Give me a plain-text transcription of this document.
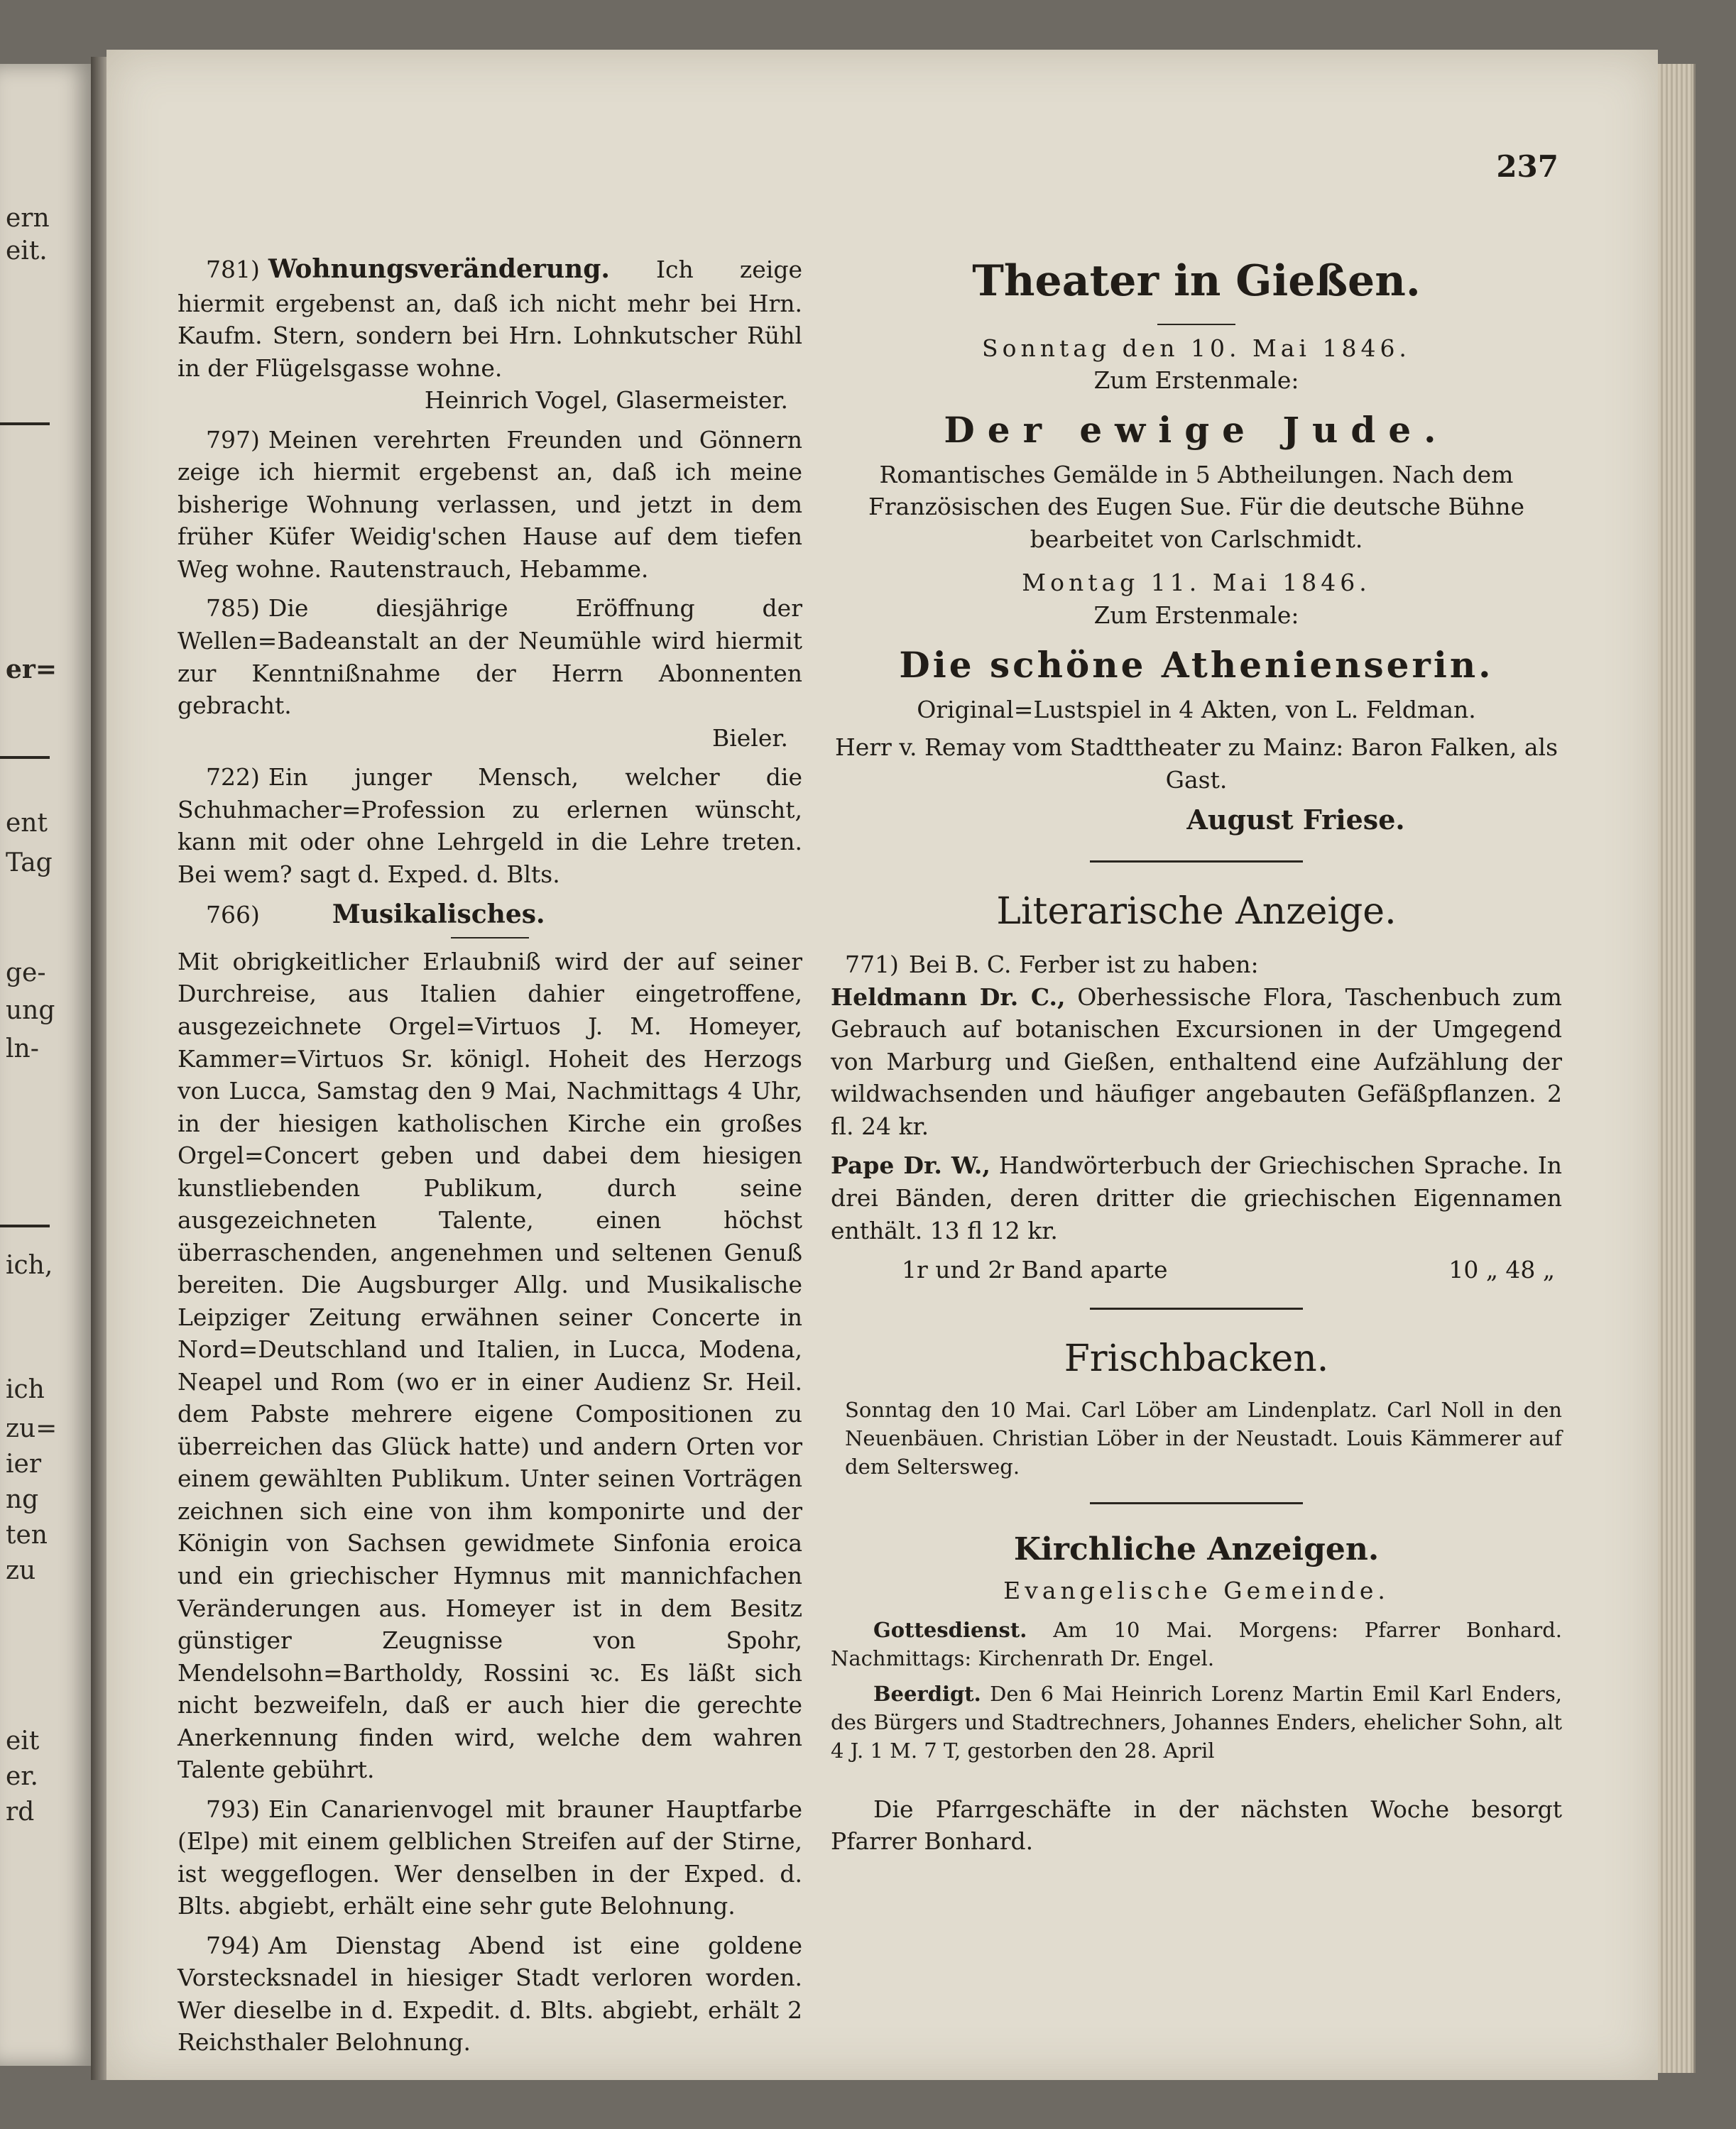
ern
eit.
er=
ent
Tag
ge-
ung
ln-
ich,
ich
zu=
ier
ng
ten
zu
eit
er.
rd
237
781) Wohnungsveränderung. Ich zeige hiermit ergebenst an, daß ich nicht mehr bei Hrn. Kaufm. Stern, sondern bei Hrn. Lohnkutscher Rühl in der Flügelsgasse wohne.
Heinrich Vogel, Glasermeister.
797) Meinen verehrten Freunden und Gönnern zeige ich hiermit ergebenst an, daß ich meine bisherige Wohnung verlassen, und jetzt in dem früher Küfer Weidig'schen Hause auf dem tiefen Weg wohne. Rautenstrauch, Hebamme.
785) Die diesjährige Eröffnung der Wellen=Badeanstalt an der Neumühle wird hiermit zur Kenntnißnahme der Herrn Abonnenten gebracht.
Bieler.
722) Ein junger Mensch, welcher die Schuhmacher=Profession zu erlernen wünscht, kann mit oder ohne Lehrgeld in die Lehre treten. Bei wem? sagt d. Exped. d. Blts.
766)	Musikalisches.
Mit obrigkeitlicher Erlaubniß wird der auf seiner Durchreise, aus Italien dahier eingetroffene, ausgezeichnete Orgel=Virtuos J. M. Homeyer, Kammer=Virtuos Sr. königl. Hoheit des Herzogs von Lucca, Samstag den 9 Mai, Nachmittags 4 Uhr, in der hiesigen katholischen Kirche ein großes Orgel=Concert geben und dabei dem hiesigen kunstliebenden Publikum, durch seine ausgezeichneten Talente, einen höchst überraschenden, angenehmen und seltenen Genuß bereiten. Die Augsburger Allg. und Musikalische Leipziger Zeitung erwähnen seiner Concerte in Nord=Deutschland und Italien, in Lucca, Modena, Neapel und Rom (wo er in einer Audienz Sr. Heil. dem Pabste mehrere eigene Compositionen zu überreichen das Glück hatte) und andern Orten vor einem gewählten Publikum. Unter seinen Vorträgen zeichnen sich eine von ihm komponirte und der Königin von Sachsen gewidmete Sinfonia eroica und ein griechischer Hymnus mit mannichfachen Veränderungen aus. Homeyer ist in dem Besitz günstiger Zeugnisse von Spohr, Mendelsohn=Bartholdy, Rossini ꝛc. Es läßt sich nicht bezweifeln, daß er auch hier die gerechte Anerkennung finden wird, welche dem wahren Talente gebührt.
793) Ein Canarienvogel mit brauner Hauptfarbe (Elpe) mit einem gelblichen Streifen auf der Stirne, ist weggeflogen. Wer denselben in der Exped. d. Blts. abgiebt, erhält eine sehr gute Belohnung.
794) Am Dienstag Abend ist eine goldene Vorstecksnadel in hiesiger Stadt verloren worden. Wer dieselbe in d. Expedit. d. Blts. abgiebt, erhält 2 Reichsthaler Belohnung.
Theater in Gießen.

Sonntag den 10. Mai 1846.

Zum Erstenmale:

Der ewige Jude.

Romantisches Gemälde in 5 Abtheilungen. Nach dem Französischen des Eugen Sue. Für die deutsche Bühne bearbeitet von Carlschmidt.

Montag 11. Mai 1846.

Zum Erstenmale:

Die schöne Athenienserin.

Original=Lustspiel in 4 Akten, von L. Feldman.

Herr v. Remay vom Stadttheater zu Mainz: Baron Falken, als Gast.

August Friese.

Literarische Anzeige.

771) Bei B. C. Ferber ist zu haben:

Heldmann Dr. C., Oberhessische Flora, Taschenbuch zum Gebrauch auf botanischen Excursionen in der Umgegend von Marburg und Gießen, enthaltend eine Aufzählung der wildwachsenden und häufiger angebauten Gefäßpflanzen. 2 fl. 24 kr.

Pape Dr. W., Handwörterbuch der Griechischen Sprache. In drei Bänden, deren dritter die griechischen Eigennamen enthält. 13 fl 12 kr.

1r und 2r Band aparte	10 „ 48 „
Frischbacken.

Sonntag den 10 Mai. Carl Löber am Lindenplatz. Carl Noll in den Neuenbäuen. Christian Löber in der Neustadt. Louis Kämmerer auf dem Seltersweg.

Kirchliche Anzeigen.

Evangelische Gemeinde.

Gottesdienst. Am 10 Mai. Morgens: Pfarrer Bonhard. Nachmittags: Kirchenrath Dr. Engel.

Beerdigt. Den 6 Mai Heinrich Lorenz Martin Emil Karl Enders, des Bürgers und Stadtrechners, Johannes Enders, ehelicher Sohn, alt 4 J. 1 M. 7 T, gestorben den 28. April

Die Pfarrgeschäfte in der nächsten Woche besorgt Pfarrer Bonhard.
